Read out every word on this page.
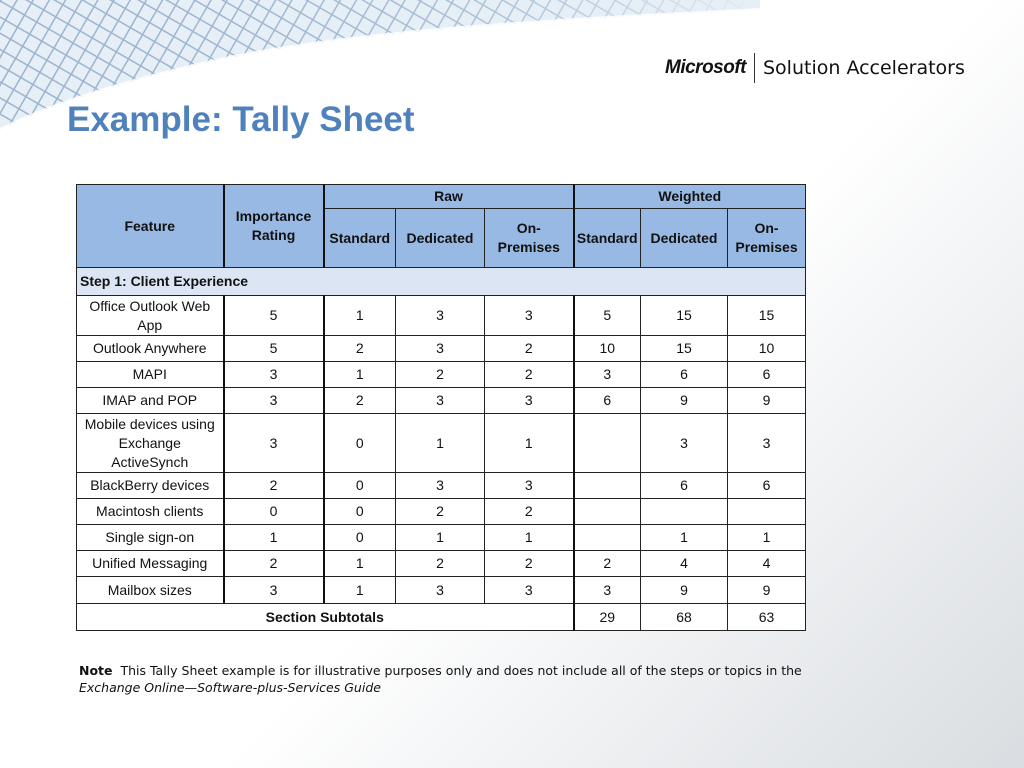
Microsoft Solution Accelerators
Example: Tally Sheet
Feature	Importance Rating	Raw			Weighted		
		Standard	Dedicated	On-Premises	Standard	Dedicated	On-Premises
Step 1: Client Experience							
Office Outlook Web App	5	1	3	3	5	15	15
Outlook Anywhere	5	2	3	2	10	15	10
MAPI	3	1	2	2	3	6	6
IMAP and POP	3	2	3	3	6	9	9
Mobile devices using Exchange ActiveSynch	3	0	1	1		3	3
BlackBerry devices	2	0	3	3		6	6
Macintosh clients	0	0	2	2			
Single sign-on	1	0	1	1		1	1
Unified Messaging	2	1	2	2	2	4	4
Mailbox sizes	3	1	3	3	3	9	9
Section Subtotals					29	68	63
Note This Tally Sheet example is for illustrative purposes only and does not include all of the steps or topics in the Exchange Online—Software-plus-Services Guide
